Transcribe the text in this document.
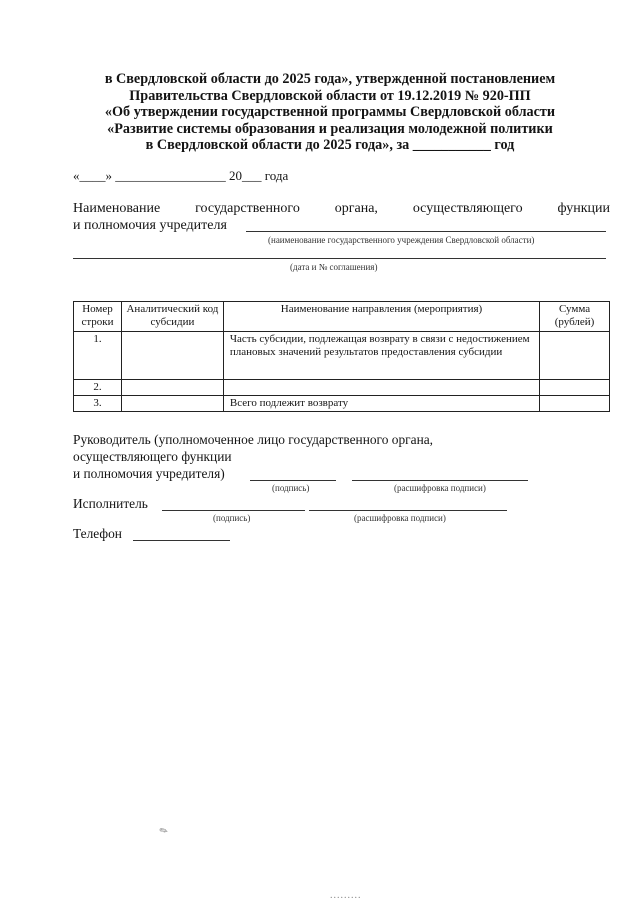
в Свердловской области до 2025 года», утвержденной постановлением
Правительства Свердловской области от 19.12.2019 № 920-ПП
«Об утверждении государственной программы Свердловской области
«Развитие системы образования и реализация молодежной политики
в Свердловской области до 2025 года», за ___________ год
«____» _________________ 20___ года
Наименование государственного органа, осуществляющего функции
и полномочия учредителя
(наименование государственного учреждения Свердловской области)
(дата и № соглашения)
Номер строки	Аналитический код субсидии	Наименование направления (мероприятия)	Сумма (рублей)
1.		Часть субсидии, подлежащая возврату в связи с недостижением плановых значений результатов предоставления субсидии	
2.			
3.		Всего подлежит возврату	
Руководитель (уполномоченное лицо государственного органа,
осуществляющего функции
и полномочия учредителя)
(подпись)	(расшифровка подписи)
Исполнитель
(подпись)	(расшифровка подписи)
Телефон
✎
.........
